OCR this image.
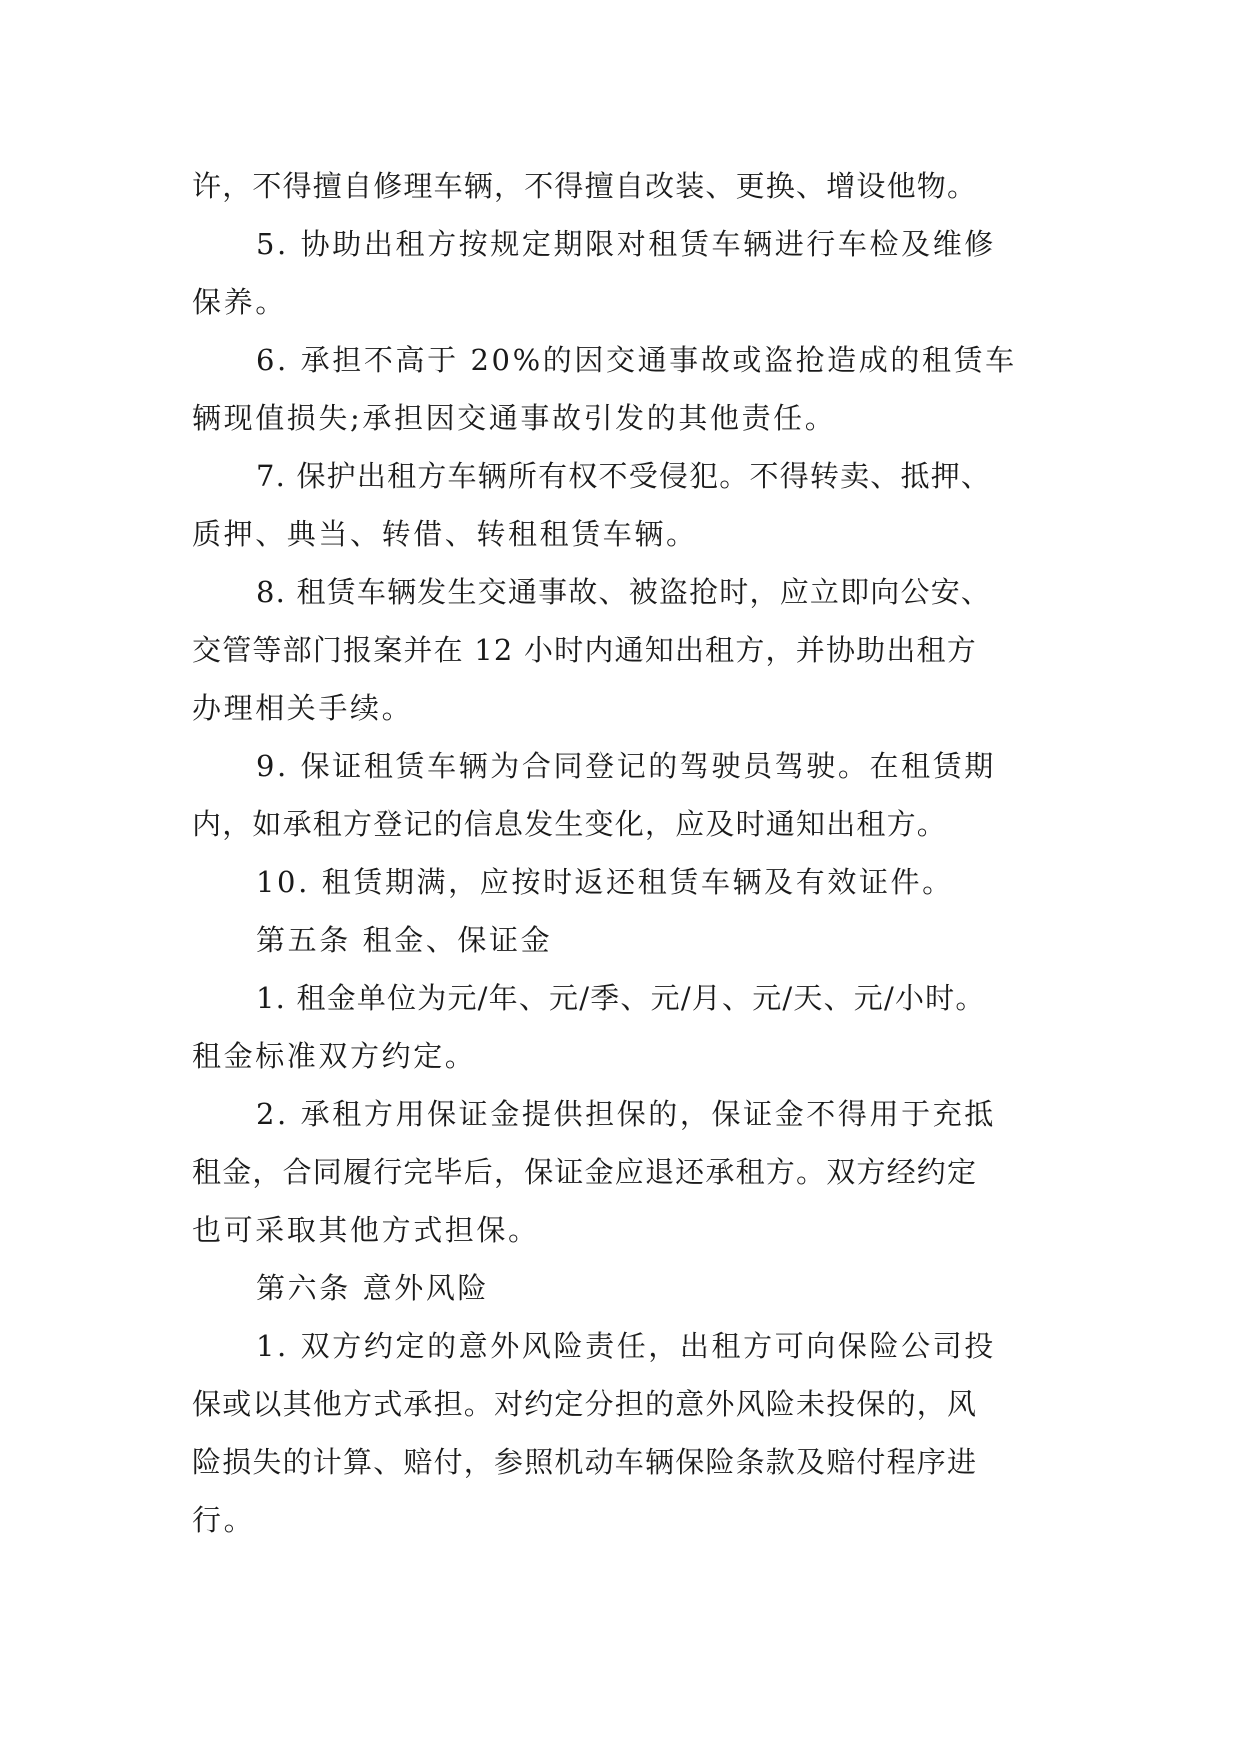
许，不得擅自修理车辆，不得擅自改装、更换、增设他物。
5. 协助出租方按规定期限对租赁车辆进行车检及维修
保养。
6. 承担不高于 20%的因交通事故或盗抢造成的租赁车
辆现值损失;承担因交通事故引发的其他责任。
7. 保护出租方车辆所有权不受侵犯。不得转卖、抵押、
质押、典当、转借、转租租赁车辆。
8. 租赁车辆发生交通事故、被盗抢时，应立即向公安、
交管等部门报案并在 12 小时内通知出租方，并协助出租方
办理相关手续。
9. 保证租赁车辆为合同登记的驾驶员驾驶。在租赁期
内，如承租方登记的信息发生变化，应及时通知出租方。
10. 租赁期满，应按时返还租赁车辆及有效证件。
第五条 租金、保证金
1. 租金单位为元/年、元/季、元/月、元/天、元/小时。
租金标准双方约定。
2. 承租方用保证金提供担保的，保证金不得用于充抵
租金，合同履行完毕后，保证金应退还承租方。双方经约定
也可采取其他方式担保。
第六条 意外风险
1. 双方约定的意外风险责任，出租方可向保险公司投
保或以其他方式承担。对约定分担的意外风险未投保的，风
险损失的计算、赔付，参照机动车辆保险条款及赔付程序进
行。
